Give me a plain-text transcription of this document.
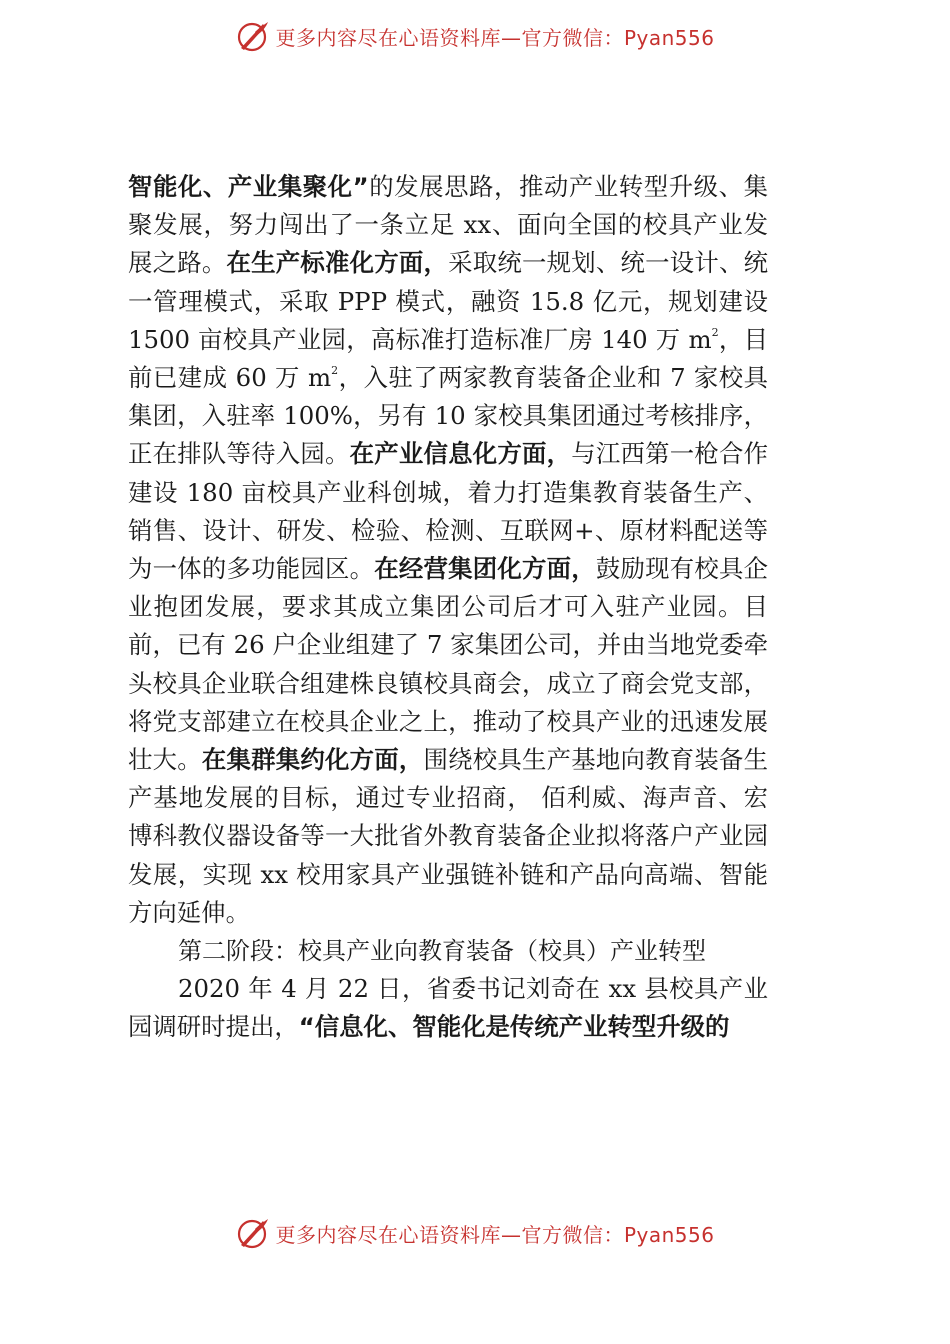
更多内容尽在心语资料库—官方微信：Pyan556

智能化、产业集聚化”的发展思路，推动产业转型升级、集聚发展，努力闯出了一条立足 xx、面向全国的校具产业发展之路。在生产标准化方面，采取统一规划、统一设计、统一管理模式，采取 PPP 模式，融资 15.8 亿元，规划建设 1500 亩校具产业园，高标准打造标准厂房 140 万 $m^2$，目前已建成 60 万 $m^2$，入驻了两家教育装备企业和 7 家校具集团，入驻率 100%，另有 10 家校具集团通过考核排序，正在排队等待入园。在产业信息化方面，与江西第一枪合作建设 180 亩校具产业科创城，着力打造集教育装备生产、销售、设计、研发、检验、检测、互联网+、原材料配送等为一体的多功能园区。在经营集团化方面，鼓励现有校具企业抱团发展，要求其成立集团公司后才可入驻产业园。目前，已有 26 户企业组建了 7 家集团公司，并由当地党委牵头校具企业联合组建株良镇校具商会，成立了商会党支部，将党支部建立在校具企业之上，推动了校具产业的迅速发展壮大。在集群集约化方面，围绕校具生产基地向教育装备生产基地发展的目标，通过专业招商， 佰利威、海声音、宏博科教仪器设备等一大批省外教育装备企业拟将落户产业园发展，实现 xx 校用家具产业强链补链和产品向高端、智能方向延伸。

第二阶段：校具产业向教育装备（校具）产业转型

2020 年 4 月 22 日，省委书记刘奇在 xx 县校具产业园调研时提出，“信息化、智能化是传统产业转型升级的

更多内容尽在心语资料库—官方微信：Pyan556
